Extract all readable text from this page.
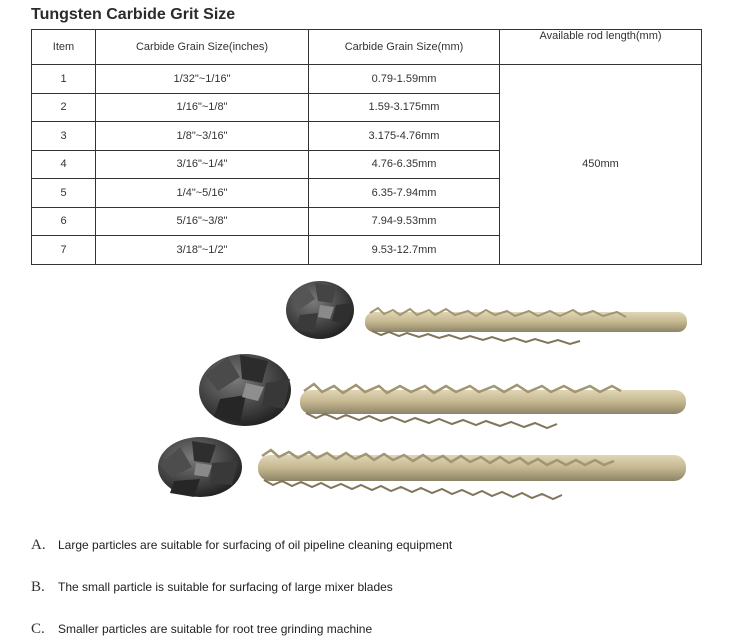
Tungsten Carbide Grit Size
Item	Carbide Grain Size(inches)	Carbide Grain Size(mm)	Available rod length(mm)
1	1/32"~1/16"	0.79-1.59mm	450mm
2	1/16"~1/8"	1.59-3.175mm	
3	1/8"~3/16"	3.175-4.76mm	
4	3/16"~1/4"	4.76-6.35mm	
5	1/4"~5/16"	6.35-7.94mm	
6	5/16"~3/8"	7.94-9.53mm	
7	3/18"~1/2"	9.53-12.7mm	
A. Large particles are suitable for surfacing of oil pipeline cleaning equipment
B. The small particle is suitable for surfacing of large mixer blades
C. Smaller particles are suitable for root tree grinding machine
